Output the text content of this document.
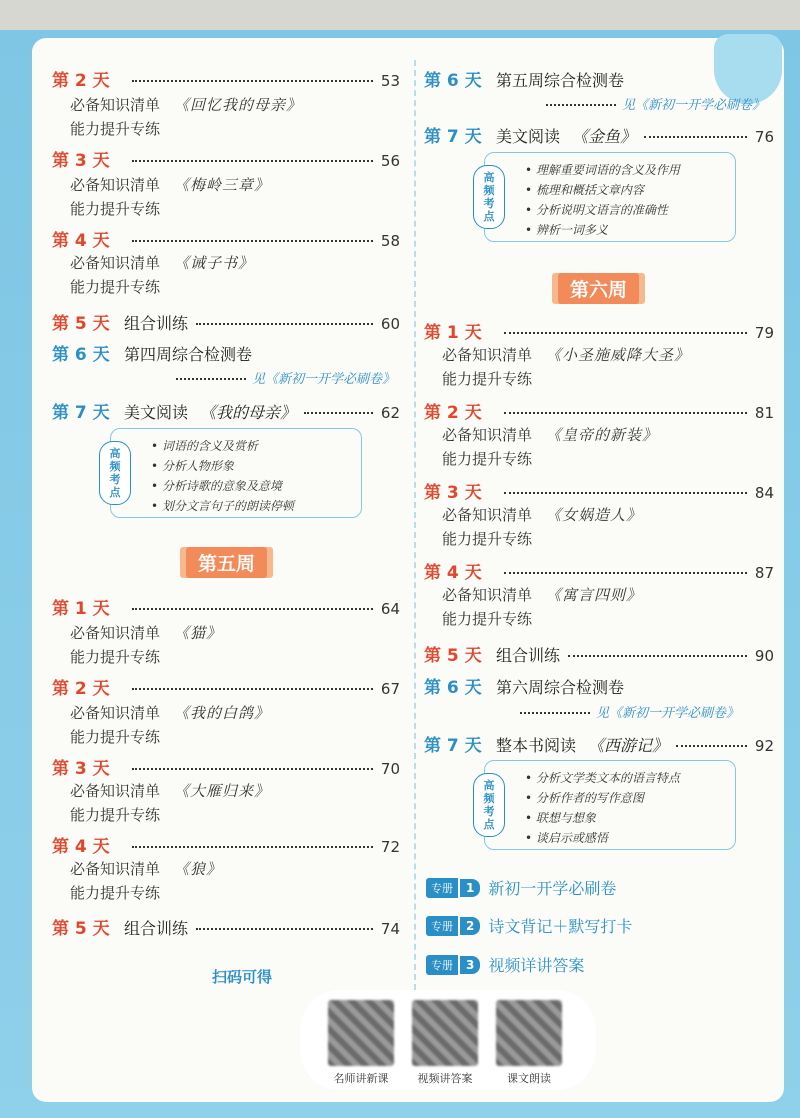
第 2 天	53
必备知识清单 《回忆我的母亲》
能力提升专练
第 3 天	56
必备知识清单 《梅岭三章》
能力提升专练
第 4 天	58
必备知识清单 《诫子书》
能力提升专练
第 5 天 组合训练	60
第 6 天 第四周综合检测卷
见《新初一开学必刷卷》
第 7 天 美文阅读 《我的母亲》	62
高
频
考
点
• 词语的含义及赏析
• 分析人物形象
• 分析诗歌的意象及意境
• 划分文言句子的朗读停顿
第五周
第 1 天	64
必备知识清单 《猫》
能力提升专练
第 2 天	67
必备知识清单 《我的白鸽》
能力提升专练
第 3 天	70
必备知识清单 《大雁归来》
能力提升专练
第 4 天	72
必备知识清单 《狼》
能力提升专练
第 5 天 组合训练	74
第 6 天 第五周综合检测卷
见《新初一开学必刷卷》
第 7 天 美文阅读 《金鱼》	76
高
频
考
点
• 理解重要词语的含义及作用
• 梳理和概括文章内容
• 分析说明文语言的准确性
• 辨析一词多义
第六周
第 1 天	79
必备知识清单 《小圣施威降大圣》
能力提升专练
第 2 天	81
必备知识清单 《皇帝的新装》
能力提升专练
第 3 天	84
必备知识清单 《女娲造人》
能力提升专练
第 4 天	87
必备知识清单 《寓言四则》
能力提升专练
第 5 天 组合训练	90
第 6 天 第六周综合检测卷
见《新初一开学必刷卷》
第 7 天 整本书阅读 《西游记》	92
高
频
考
点
• 分析文学类文本的语言特点
• 分析作者的写作意图
• 联想与想象
• 谈启示或感悟
专册	1 新初一开学必刷卷
专册	2 诗文背记＋默写打卡
专册	3 视频详讲答案
扫码可得
名师讲新课	视频讲答案	课文朗读
